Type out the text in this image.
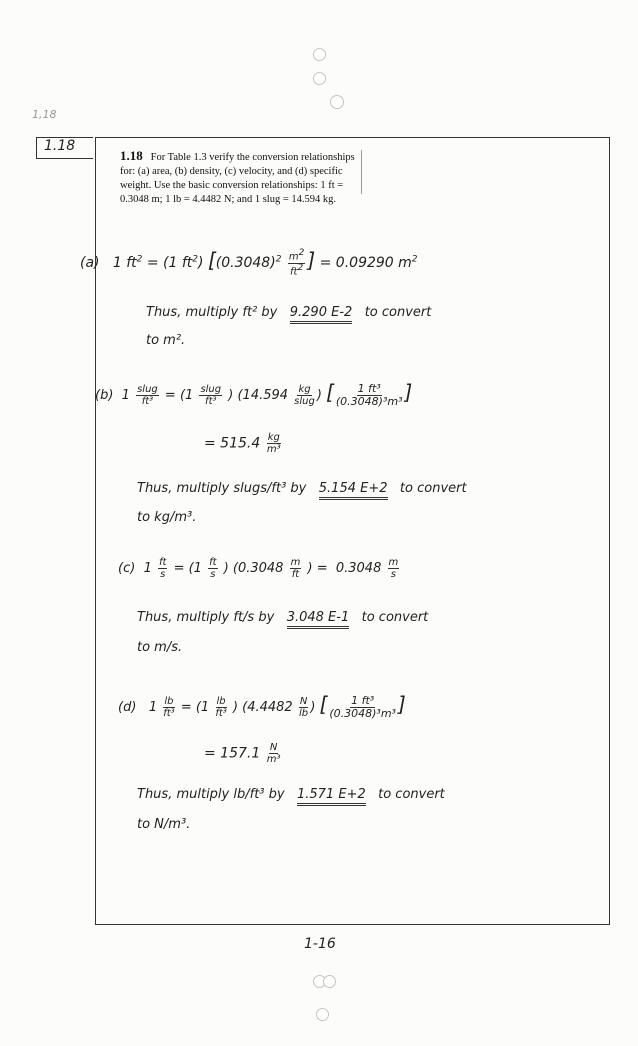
1,18
1.18
1.18 For Table 1.3 verify the conversion relationships for: (a) area, (b) density, (c) velocity, and (d) specific weight. Use the basic conversion relationships: 1 ft = 0.3048 m; 1 lb = 4.4482 N; and 1 slug = 14.594 kg.
(a) 1 $ft^2 = (1$ $ft^2$) [$(0.3048)^2 \frac{m2}{ft2}$ ] = 0.09290 $m^2$
Thus, multiply ft² by 9.290 E-2 to convert
to m².
(b) $1 \frac{\text{slug}}{\text{ft³}} = (1 \frac{\text{slug}}{\text{ft³}}$ ) ($14.594 \frac{kg}{\text{slug}}$ ) [ $\frac{\text{1 ft³}}{\text{(0.3048)³m³}}$ ]
= $515.4 \frac{kg}{\text{m³}}$
Thus, multiply slugs/ft³ by 5.154 E+2 to convert
to kg/m³.
(c) $1 \frac{ft}{s} = (1 \frac{ft}{s}$ ) ($0.3048 \frac{m}{ft}$ ) = $0.3048 \frac{m}{s}$
Thus, multiply ft/s by 3.048 E-1 to convert
to m/s.
(d) $1 \frac{lb}{\text{ft³}} = (1 \frac{lb}{\text{ft³}}$ ) ($4.4482 \frac{N}{lb}$ ) [ $\frac{\text{1 ft³}}{\text{(0.3048)³m³}}$ ]
= $157.1 \frac{N}{\text{m³}}$
Thus, multiply lb/ft³ by 1.571 E+2 to convert
to N/m³.
1-16
